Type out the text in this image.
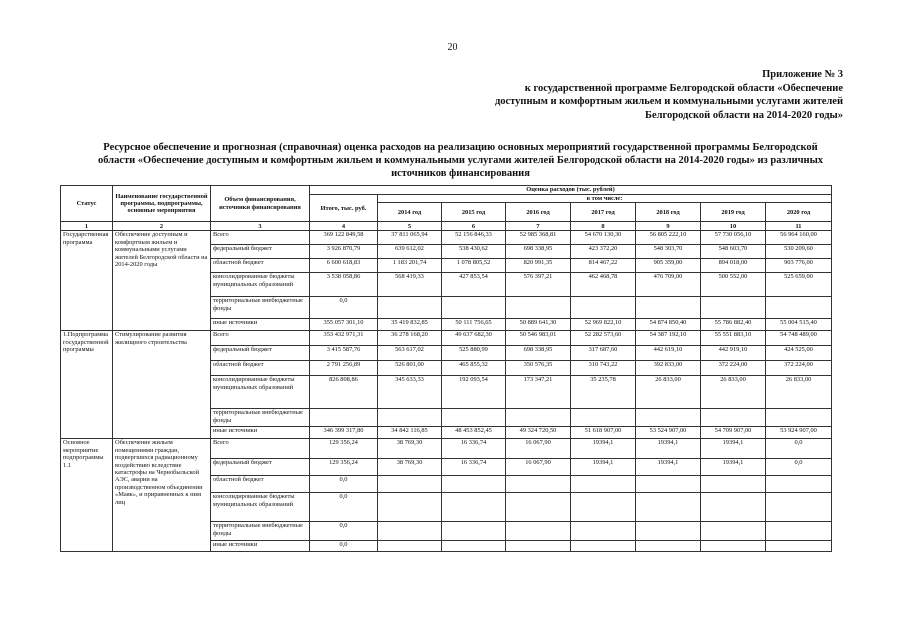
20
Приложение № 3
к государственной программе Белгородской области «Обеспечение
доступным и комфортным жильем и коммунальными услугами жителей
Белгородской области на 2014-2020 годы»
Ресурсное обеспечение и прогнозная (справочная) оценка расходов на реализацию основных мероприятий государственной программы Белгородской
области «Обеспечение доступным и комфортным жильем и коммунальными услугами жителей Белгородской области на 2014-2020 годы» из различных
источников финансирования
Статус	Наименование государственной программы, подпрограммы, основные мероприятия	Объем финансирования, источники финансирования	Оценка расходов (тыс. рублей)							
			Итого, тыс. руб.	в том числе:						
				2014 год	2015 год	2016 год	2017 год	2018 год	2019 год	2020 год
1	2	3	4	5	6	7	8	9	10	11
Государственная программа	Обеспечение доступным и комфортным жильем и коммунальными услугами жителей Белгородской области на 2014-2020 годы	Всего	369 122 849,58	37 811 065,94	52 156 846,33	52 985 368,81	54 670 130,30	56 805 222,10	57 730 056,10	56 964 160,00
		федеральный бюджет	3 926 870,79	639 612,02	538 430,62	698 338,95	423 372,20	548 303,70	548 603,70	530 209,60
		областной бюджет	6 600 618,83	1 183 201,74	1 078 805,52	820 991,35	814 467,22	905 359,00	894 018,00	903 776,00
		консолидированные бюджеты муниципальных образований	3 538 058,86	568 419,33	427 853,54	576 397,21	462 468,78	476 709,00	500 552,00	525 659,00
		территориальные внебюджетные фонды	0,0							
		иные источники	355 057 301,10	35 419 832,85	50 111 756,65	50 889 641,30	52 969 822,10	54 874 850,40	55 786 882,40	55 004 515,40
1.Подпрограмма государственной программы	Стимулирование развития жилищного строительства	Всего	353 432 971,31	36 278 168,20	49 637 682,30	50 546 983,01	52 282 573,60	54 387 192,10	55 551 883,10	54 748 489,00
		федеральный бюджет	3 415 587,76	563 617,02	525 880,99	698 338,95	317 687,60	442 619,10	442 919,10	424 525,00
		областной бюджет	2 791 256,89	526 801,00	465 855,32	350 576,35	310 743,22	392 833,00	372 224,00	372 224,00
		консолидированные бюджеты муниципальных образований	826 808,86	345 633,33	192 093,54	173 347,21	35 235,78	26 833,00	26 833,00	26 833,00
		территориальные внебюджетные фонды								
		иные источники	346 399 317,80	34 842 116,85	48 453 852,45	49 324 720,50	51 618 907,00	53 524 907,00	54 709 907,00	53 924 907,00
Основное мероприятие подпрограммы 1.1	Обеспечение жильем помещениями граждан, подвергшихся радиационному воздействию вследствие катастрофы на Чернобыльской АЭС, аварии на производственном объединении «Маяк», и приравненных к ним лиц	Всего	129 356,24	38 769,30	16 336,74	16 067,90	19394,1	19394,1	19394,1	0,0
		федеральный бюджет	129 356,24	38 769,30	16 336,74	16 067,90	19394,1	19394,1	19394,1	0,0
		областной бюджет	0,0							
		консолидированные бюджеты муниципальных образований	0,0							
		территориальные внебюджетные фонды	0,0							
		иные источники	0,0							
